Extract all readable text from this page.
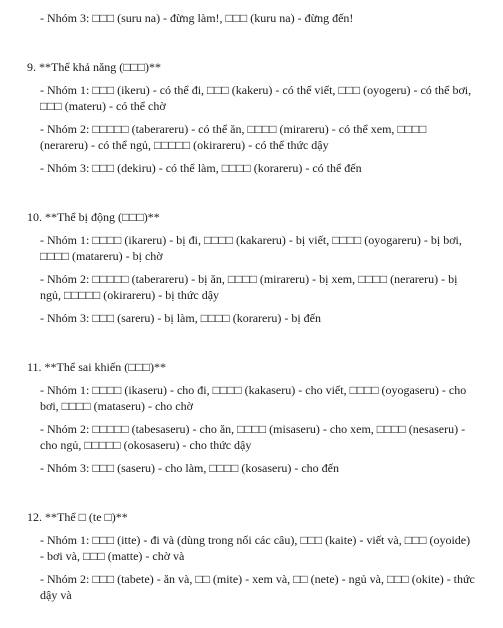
- Nhóm 3: □□□ (suru na) - đừng làm!, □□□ (kuru na) - đừng đến!

9. **Thể khả năng (□□□)**

- Nhóm 1: □□□ (ikeru) - có thể đi, □□□ (kakeru) - có thể viết, □□□ (oyogeru) - có thể bơi, □□□ (materu) - có thể chờ

- Nhóm 2: □□□□□ (taberareru) - có thể ăn, □□□□ (mirareru) - có thể xem, □□□□ (nerareru) - có thể ngủ, □□□□□ (okirareru) - có thể thức dậy

- Nhóm 3: □□□ (dekiru) - có thể làm, □□□□ (korareru) - có thể đến

10. **Thể bị động (□□□)**

- Nhóm 1: □□□□ (ikareru) - bị đi, □□□□ (kakareru) - bị viết, □□□□ (oyogareru) - bị bơi, □□□□ (matareru) - bị chờ

- Nhóm 2: □□□□□ (taberareru) - bị ăn, □□□□ (mirareru) - bị xem, □□□□ (nerareru) - bị ngủ, □□□□□ (okirareru) - bị thức dậy

- Nhóm 3: □□□ (sareru) - bị làm, □□□□ (korareru) - bị đến

11. **Thể sai khiến (□□□)**

- Nhóm 1: □□□□ (ikaseru) - cho đi, □□□□ (kakaseru) - cho viết, □□□□ (oyogaseru) - cho bơi, □□□□ (mataseru) - cho chờ

- Nhóm 2: □□□□□ (tabesaseru) - cho ăn, □□□□ (misaseru) - cho xem, □□□□ (nesaseru) - cho ngủ, □□□□□ (okosaseru) - cho thức dậy

- Nhóm 3: □□□ (saseru) - cho làm, □□□□ (kosaseru) - cho đến

12. **Thể □ (te □)**

- Nhóm 1: □□□ (itte) - đi và (dùng trong nối các câu), □□□ (kaite) - viết và, □□□ (oyoide) - bơi và, □□□ (matte) - chờ và

- Nhóm 2: □□□ (tabete) - ăn và, □□ (mite) - xem và, □□ (nete) - ngủ và, □□□ (okite) - thức dậy và
